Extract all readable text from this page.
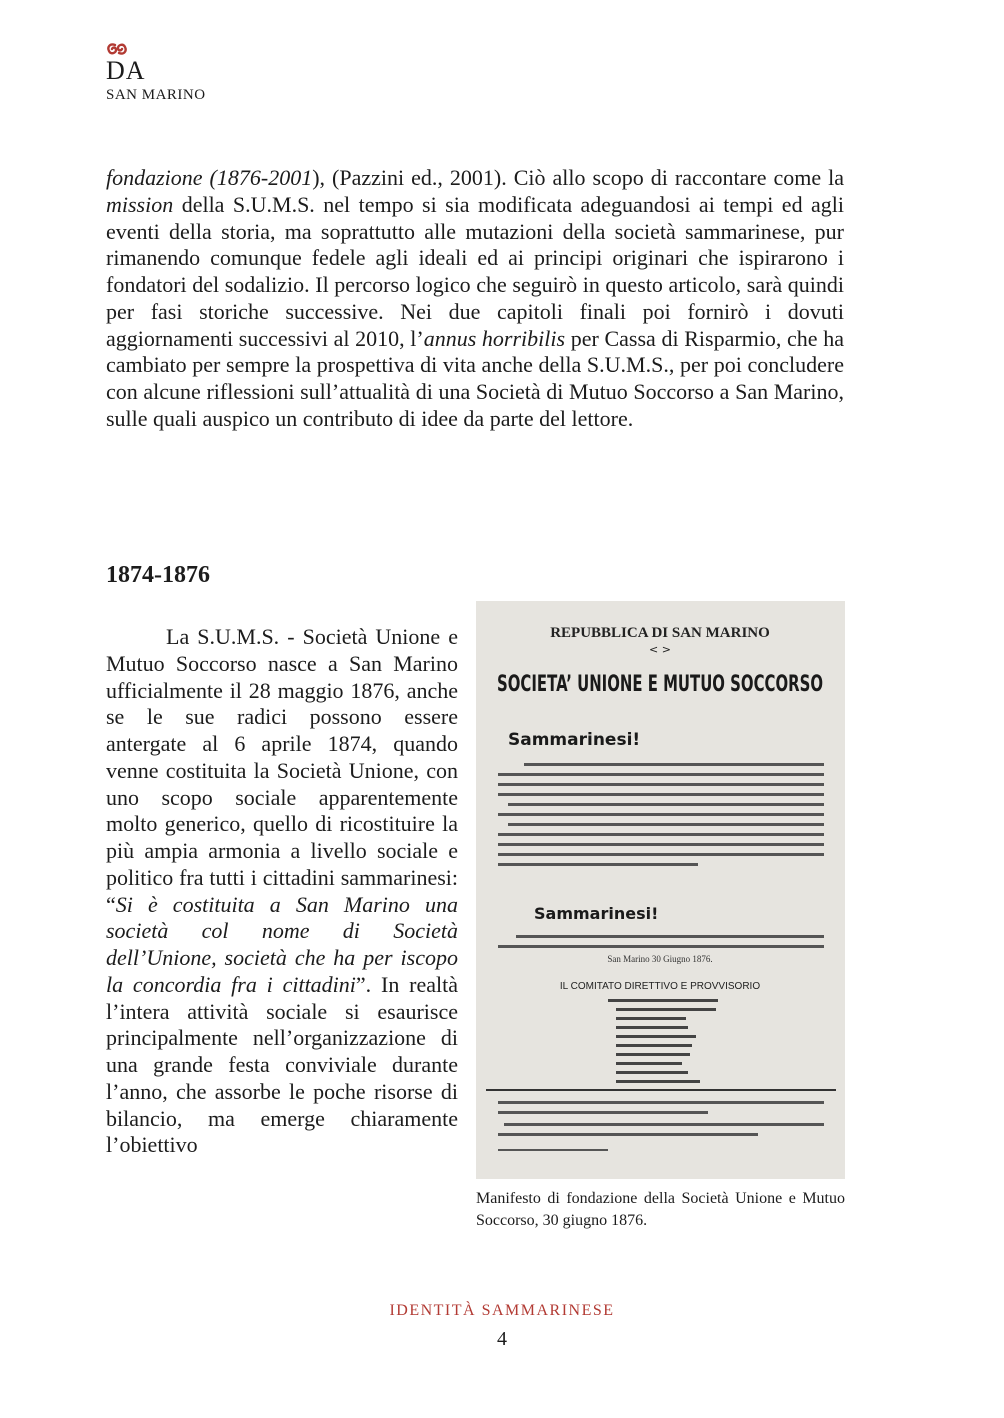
DA
SAN MARINO

fondazione (1876-2001), (Pazzini ed., 2001). Ciò allo scopo di raccontare come la mission della S.U.M.S. nel tempo si sia modificata adeguandosi ai tempi ed agli eventi della storia, ma soprattutto alle mutazioni della società sammarinese, pur rimanendo comunque fedele agli ideali ed ai principi originari che ispirarono i fondatori del sodalizio. Il percorso logico che seguirò in questo articolo, sarà quindi per fasi storiche successive. Nei due capitoli finali poi fornirò i dovuti aggiornamenti successivi al 2010, l’annus horribilis per Cassa di Risparmio, che ha cambiato per sempre la prospettiva di vita anche della S.U.M.S., per poi concludere con alcune riflessioni sull’attualità di una Società di Mutuo Soccorso a San Marino, sulle quali auspico un contributo di idee da parte del lettore.

1874-1876

La S.U.M.S. - Società Unione e Mutuo Soccorso nasce a San Marino ufficialmente il 28 maggio 1876, anche se le sue radici possono essere antergate al 6 aprile 1874, quando venne costituita la Società Unione, con uno scopo sociale apparentemente molto generico, quello di ricostituire la più ampia armonia a livello sociale e politico fra tutti i cittadini sammarinesi: “Si è costituita a San Marino una società col nome di Società dell’Unione, società che ha per iscopo la concordia fra i cittadini”. In realtà l’intera attività sociale si esaurisce principalmente nell’organizzazione di una grande festa conviviale durante l’anno, che assorbe le poche risorse di bilancio, ma emerge chiaramente l’obiettivo

REPUBBLICA DI SAN MARINO
< >
SOCIETA’ UNIONE E MUTUO SOCCORSO
Sammarinesi!
Sammarinesi!
San Marino 30 Giugno 1876.
IL COMITATO DIRETTIVO E PROVVISORIO

Manifesto di fondazione della Società Unione e Mutuo Soccorso, 30 giugno 1876.

IDENTITÀ SAMMARINESE
4
